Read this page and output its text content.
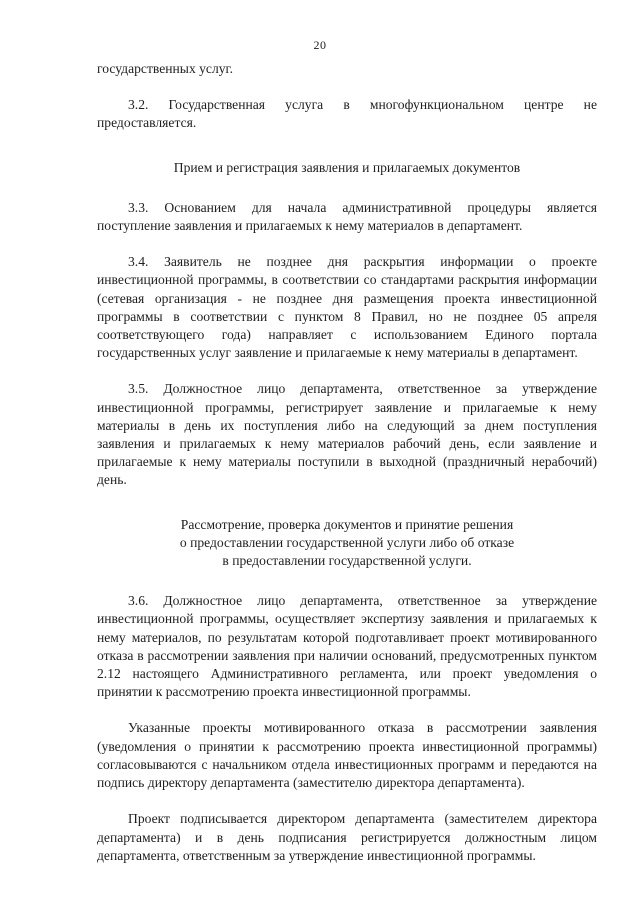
20

государственных услуг.

3.2. Государственная услуга в многофункциональном центре не предоставляется.

Прием и регистрация заявления и прилагаемых документов

3.3. Основанием для начала административной процедуры является поступление заявления и прилагаемых к нему материалов в департамент.

3.4. Заявитель не позднее дня раскрытия информации о проекте инвестиционной программы, в соответствии со стандартами раскрытия информации (сетевая организация - не позднее дня размещения проекта инвестиционной программы в соответствии с пунктом 8 Правил, но не позднее 05 апреля соответствующего года) направляет с использованием Единого портала государственных услуг заявление и прилагаемые к нему материалы в департамент.

3.5. Должностное лицо департамента, ответственное за утверждение инвестиционной программы, регистрирует заявление и прилагаемые к нему материалы в день их поступления либо на следующий за днем поступления заявления и прилагаемых к нему материалов рабочий день, если заявление и прилагаемые к нему материалы поступили в выходной (праздничный нерабочий) день.

Рассмотрение, проверка документов и принятие решения
о предоставлении государственной услуги либо об отказе
в предоставлении государственной услуги.

3.6. Должностное лицо департамента, ответственное за утверждение инвестиционной программы, осуществляет экспертизу заявления и прилагаемых к нему материалов, по результатам которой подготавливает проект мотивированного отказа в рассмотрении заявления при наличии оснований, предусмотренных пунктом 2.12 настоящего Административного регламента, или проект уведомления о принятии к рассмотрению проекта инвестиционной программы.

Указанные проекты мотивированного отказа в рассмотрении заявления (уведомления о принятии к рассмотрению проекта инвестиционной программы) согласовываются с начальником отдела инвестиционных программ и передаются на подпись директору департамента (заместителю директора департамента).

Проект подписывается директором департамента (заместителем директора департамента) и в день подписания регистрируется должностным лицом департамента, ответственным за утверждение инвестиционной программы.
